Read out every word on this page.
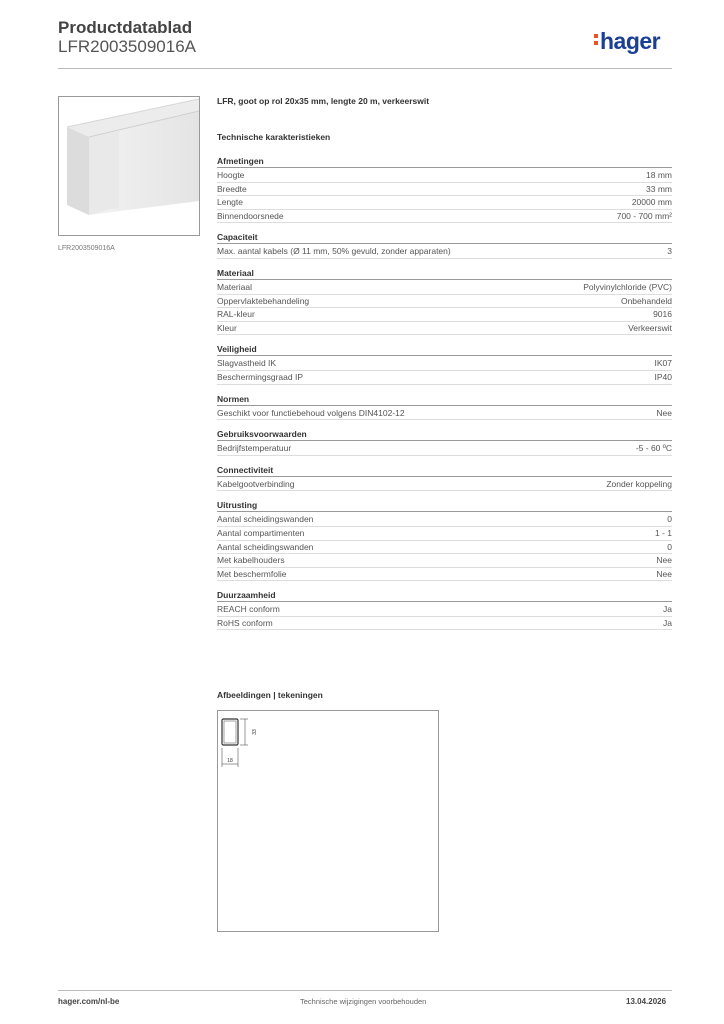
Productdatablad
LFR2003509016A	hager
LFR2003509016A
LFR, goot op rol 20x35 mm, lengte 20 m, verkeerswit
Technische karakteristieken
Afmetingen
Hoogte	18 mm
Breedte	33 mm
Lengte	20000 mm
Binnendoorsnede	700 - 700 mm²
Capaciteit
Max. aantal kabels (Ø 11 mm, 50% gevuld, zonder apparaten)	3
Materiaal
Materiaal	Polyvinylchloride (PVC)
Oppervlaktebehandeling	Onbehandeld
RAL-kleur	9016
Kleur	Verkeerswit
Veiligheid
Slagvastheid IK	IK07
Beschermingsgraad IP	IP40
Normen
Geschikt voor functiebehoud volgens DIN4102-12	Nee
Gebruiksvoorwaarden
Bedrijfstemperatuur	-5 - 60 ºC
Connectiviteit
Kabelgootverbinding	Zonder koppeling
Uitrusting
Aantal scheidingswanden	0
Aantal compartimenten	1 - 1
Aantal scheidingswanden	0
Met kabelhouders	Nee
Met beschermfolie	Nee
Duurzaamheid
REACH conform	Ja
RoHS conform	Ja
Afbeeldingen | tekeningen
33
18
hager.com/nl-be	Technische wijzigingen voorbehouden	13.04.2026
